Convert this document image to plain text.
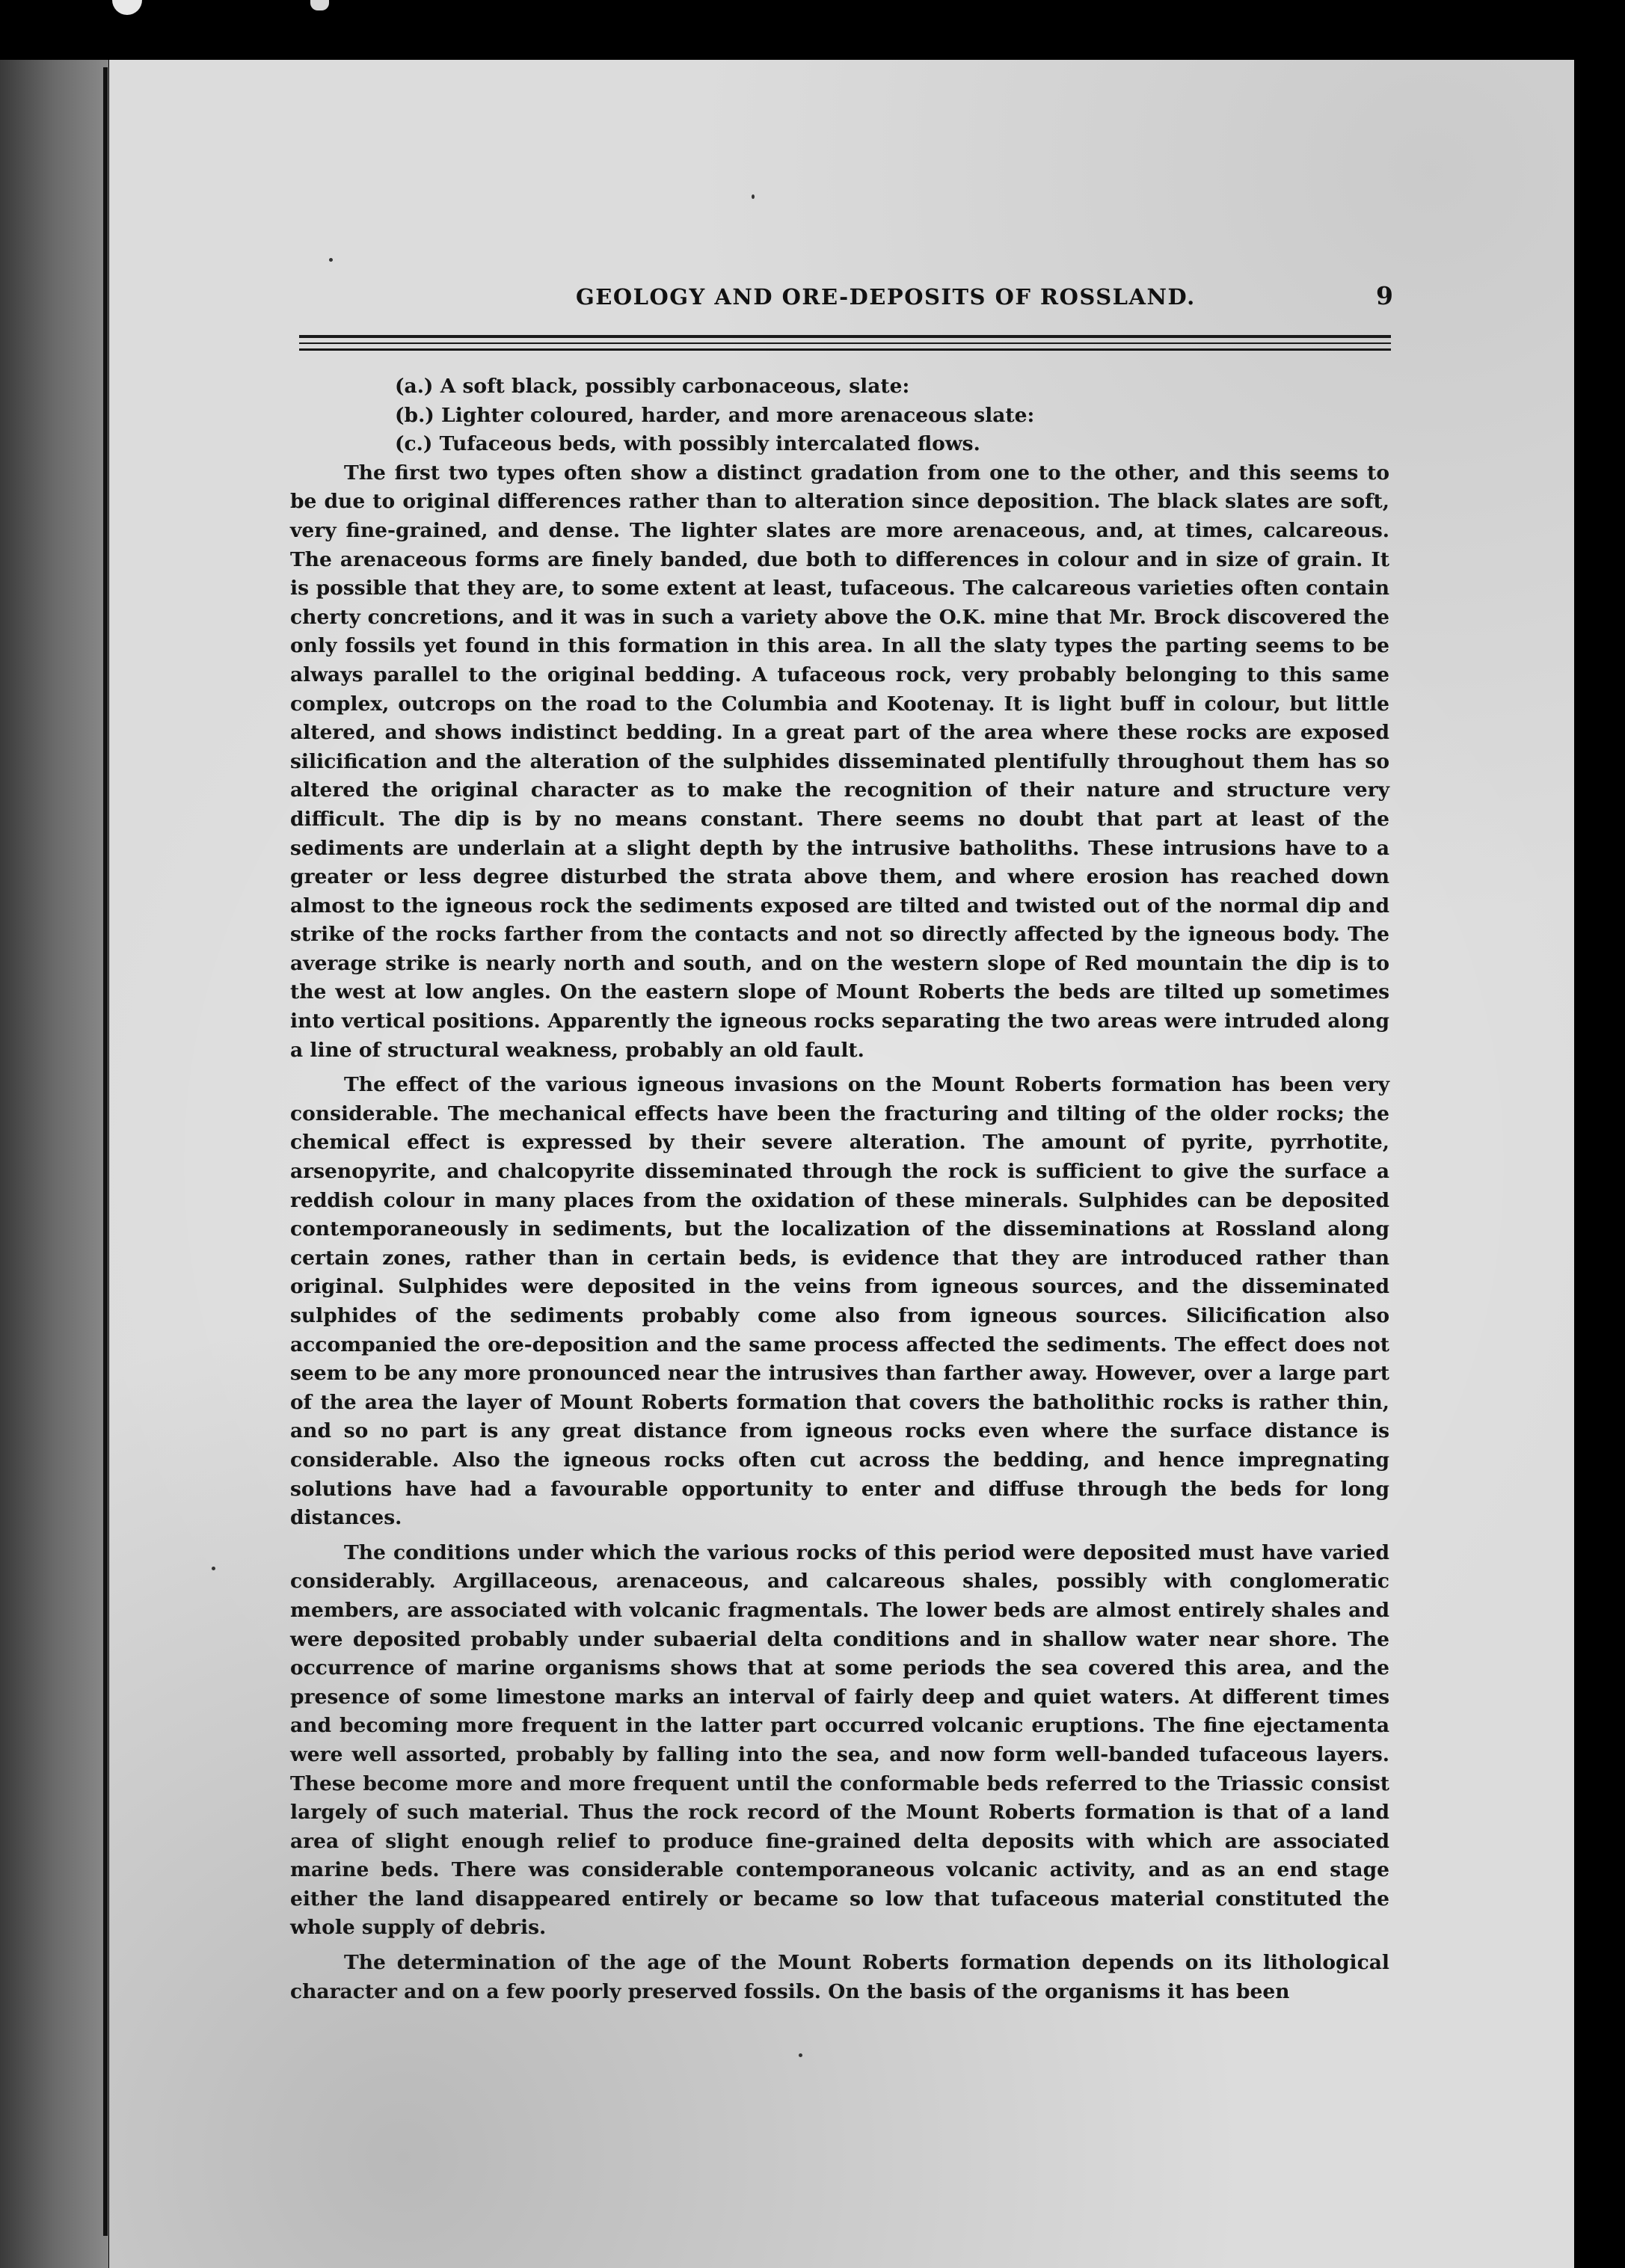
GEOLOGY AND ORE-DEPOSITS OF ROSSLAND.	9

(a.) A soft black, possibly carbonaceous, slate:

(b.) Lighter coloured, harder, and more arenaceous slate:

(c.) Tufaceous beds, with possibly intercalated flows.

The first two types often show a distinct gradation from one to the other, and this seems to be due to original differences rather than to alteration since deposition. The black slates are soft, very fine-grained, and dense. The lighter slates are more arenaceous, and, at times, calcareous. The arenaceous forms are finely banded, due both to differences in colour and in size of grain. It is possible that they are, to some extent at least, tufaceous. The calcareous varieties often contain cherty concretions, and it was in such a variety above the O.K. mine that Mr. Brock discovered the only fossils yet found in this formation in this area. In all the slaty types the parting seems to be always parallel to the original bedding. A tufaceous rock, very probably belonging to this same complex, outcrops on the road to the Columbia and Kootenay. It is light buff in colour, but little altered, and shows indistinct bedding. In a great part of the area where these rocks are exposed silicification and the alteration of the sulphides disseminated plentifully throughout them has so altered the original character as to make the recognition of their nature and structure very difficult. The dip is by no means constant. There seems no doubt that part at least of the sediments are underlain at a slight depth by the intrusive batholiths. These intrusions have to a greater or less degree disturbed the strata above them, and where erosion has reached down almost to the igneous rock the sediments exposed are tilted and twisted out of the normal dip and strike of the rocks farther from the contacts and not so directly affected by the igneous body. The average strike is nearly north and south, and on the western slope of Red mountain the dip is to the west at low angles. On the eastern slope of Mount Roberts the beds are tilted up sometimes into vertical positions. Apparently the igneous rocks separating the two areas were intruded along a line of structural weakness, probably an old fault.

The effect of the various igneous invasions on the Mount Roberts formation has been very considerable. The mechanical effects have been the fracturing and tilting of the older rocks; the chemical effect is expressed by their severe alteration. The amount of pyrite, pyrrhotite, arsenopyrite, and chalcopyrite disseminated through the rock is sufficient to give the surface a reddish colour in many places from the oxidation of these minerals. Sulphides can be deposited contemporaneously in sediments, but the localization of the disseminations at Rossland along certain zones, rather than in certain beds, is evidence that they are introduced rather than original. Sulphides were deposited in the veins from igneous sources, and the disseminated sulphides of the sediments probably come also from igneous sources. Silicification also accompanied the ore-deposition and the same process affected the sediments. The effect does not seem to be any more pronounced near the intrusives than farther away. However, over a large part of the area the layer of Mount Roberts formation that covers the batholithic rocks is rather thin, and so no part is any great distance from igneous rocks even where the surface distance is considerable. Also the igneous rocks often cut across the bedding, and hence impregnating solutions have had a favourable opportunity to enter and diffuse through the beds for long distances.

The conditions under which the various rocks of this period were deposited must have varied considerably. Argillaceous, arenaceous, and calcareous shales, possibly with conglomeratic members, are associated with volcanic fragmentals. The lower beds are almost entirely shales and were deposited probably under subaerial delta conditions and in shallow water near shore. The occurrence of marine organisms shows that at some periods the sea covered this area, and the presence of some limestone marks an interval of fairly deep and quiet waters. At different times and becoming more frequent in the latter part occurred volcanic eruptions. The fine ejectamenta were well assorted, probably by falling into the sea, and now form well-banded tufaceous layers. These become more and more frequent until the conformable beds referred to the Triassic consist largely of such material. Thus the rock record of the Mount Roberts formation is that of a land area of slight enough relief to produce fine-grained delta deposits with which are associated marine beds. There was considerable contemporaneous volcanic activity, and as an end stage either the land disappeared entirely or became so low that tufaceous material constituted the whole supply of debris.

The determination of the age of the Mount Roberts formation depends on its lithological character and on a few poorly preserved fossils. On the basis of the organisms it has been
